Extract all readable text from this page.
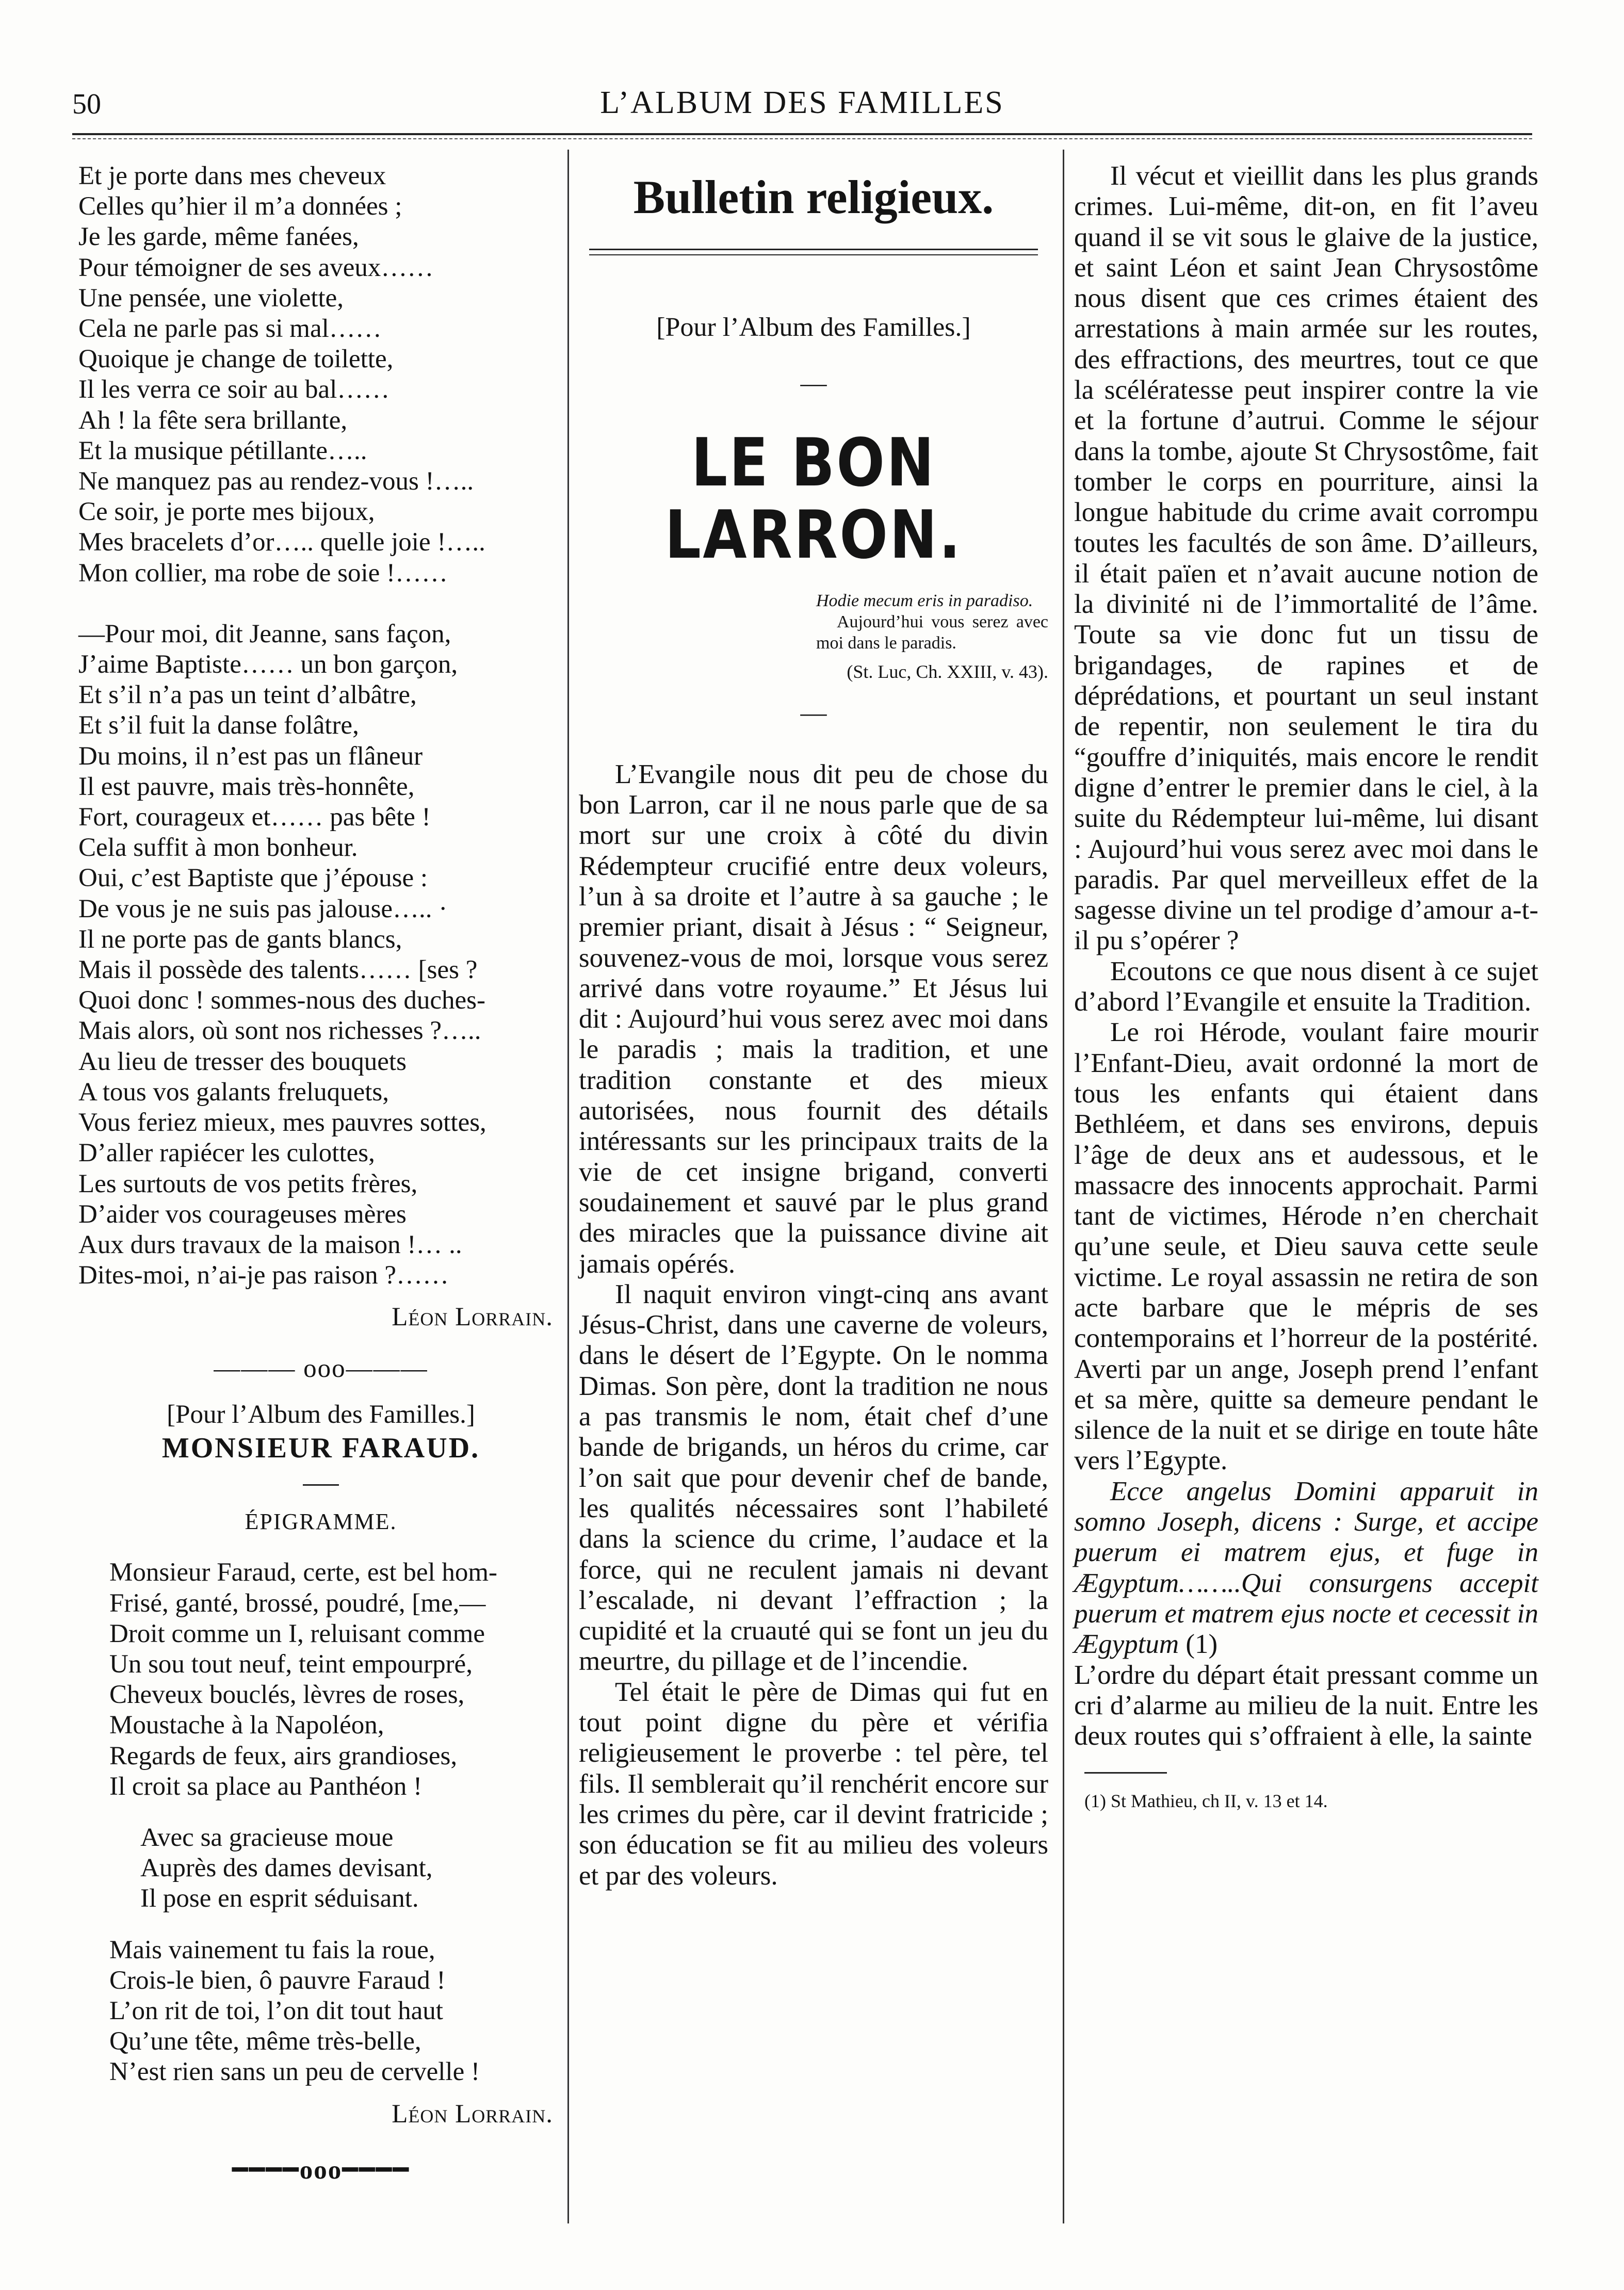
50	L’ALBUM DES FAMILLES
Et je porte dans mes cheveux
Celles qu’hier il m’a données ;
Je les garde, même fanées,
Pour témoigner de ses aveux……
Une pensée, une violette,
Cela ne parle pas si mal……
Quoique je change de toilette,
Il les verra ce soir au bal……
Ah ! la fête sera brillante,
Et la musique pétillante…..
Ne manquez pas au rendez-vous !…..
Ce soir, je porte mes bijoux,
Mes bracelets d’or….. quelle joie !…..
Mon collier, ma robe de soie !……
—Pour moi, dit Jeanne, sans façon,
J’aime Baptiste…… un bon garçon,
Et s’il n’a pas un teint d’albâtre,
Et s’il fuit la danse folâtre,
Du moins, il n’est pas un flâneur
Il est pauvre, mais très-honnête,
Fort, courageux et…… pas bête !
Cela suffit à mon bonheur.
Oui, c’est Baptiste que j’épouse :
De vous je ne suis pas jalouse….. ·
Il ne porte pas de gants blancs,
Mais il possède des talents…… [ses ?
Quoi donc ! sommes-nous des duches-
Mais alors, où sont nos richesses ?…..
Au lieu de tresser des bouquets
A tous vos galants freluquets,
Vous feriez mieux, mes pauvres sottes,
D’aller rapiécer les culottes,
Les surtouts de vos petits frères,
D’aider vos courageuses mères
Aux durs travaux de la maison !… ..
Dites-moi, n’ai-je pas raison ?……
Léon Lorrain.
——— ooo———
[Pour l’Album des Familles.]
MONSIEUR FARAUD.
ÉPIGRAMME.
Monsieur Faraud, certe, est bel hom-
Frisé, ganté, brossé, poudré, [me,—
Droit comme un I, reluisant comme
Un sou tout neuf, teint empourpré,
Cheveux bouclés, lèvres de roses,
Moustache à la Napoléon,
Regards de feux, airs grandioses,
Il croit sa place au Panthéon !
Avec sa gracieuse moue
Auprès des dames devisant,
Il pose en esprit séduisant.
Mais vainement tu fais la roue,
Crois-le bien, ô pauvre Faraud !
L’on rit de toi, l’on dit tout haut
Qu’une tête, même très-belle,
N’est rien sans un peu de cervelle !
Léon Lorrain.
━━━━ooo━━━━
Bulletin religieux.
[Pour l’Album des Familles.]
—
LE BON LARRON.
Hodie mecum eris in paradiso.
Aujourd’hui vous serez avec moi dans le paradis.
(St. Luc, Ch. XXIII, v. 43).
—
L’Evangile nous dit peu de chose du bon Larron, car il ne nous parle que de sa mort sur une croix à côté du divin Rédempteur crucifié entre deux voleurs, l’un à sa droite et l’autre à sa gauche ; le premier priant, disait à Jésus : “ Seigneur, souvenez-vous de moi, lorsque vous serez arrivé dans votre royaume.” Et Jésus lui dit : Aujourd’hui vous serez avec moi dans le paradis ; mais la tradition, et une tradition constante et des mieux autorisées, nous fournit des détails intéressants sur les principaux traits de la vie de cet insigne brigand, converti soudainement et sauvé par le plus grand des miracles que la puissance divine ait jamais opérés.
Il naquit environ vingt-cinq ans avant Jésus-Christ, dans une caverne de voleurs, dans le désert de l’Egypte. On le nomma Dimas. Son père, dont la tradition ne nous a pas transmis le nom, était chef d’une bande de brigands, un héros du crime, car l’on sait que pour devenir chef de bande, les qualités nécessaires sont l’habileté dans la science du crime, l’audace et la force, qui ne reculent jamais ni devant l’escalade, ni devant l’effraction ; la cupidité et la cruauté qui se font un jeu du meurtre, du pillage et de l’incendie.
Tel était le père de Dimas qui fut en tout point digne du père et vérifia religieusement le proverbe : tel père, tel fils. Il semblerait qu’il renchérit encore sur les crimes du père, car il devint fratricide ; son éducation se fit au milieu des voleurs et par des voleurs.
Il vécut et vieillit dans les plus grands crimes. Lui-même, dit-on, en fit l’aveu quand il se vit sous le glaive de la justice, et saint Léon et saint Jean Chrysostôme nous disent que ces crimes étaient des arrestations à main armée sur les routes, des effractions, des meurtres, tout ce que la scélératesse peut inspirer contre la vie et la fortune d’autrui. Comme le séjour dans la tombe, ajoute St Chrysostôme, fait tomber le corps en pourriture, ainsi la longue habitude du crime avait corrompu toutes les facultés de son âme. D’ailleurs, il était païen et n’avait aucune notion de la divinité ni de l’immortalité de l’âme. Toute sa vie donc fut un tissu de brigandages, de rapines et de déprédations, et pourtant un seul instant de repentir, non seulement le tira du “gouffre d’iniquités, mais encore le rendit digne d’entrer le premier dans le ciel, à la suite du Rédempteur lui-même, lui disant : Aujourd’hui vous serez avec moi dans le paradis. Par quel merveilleux effet de la sagesse divine un tel prodige d’amour a-t-il pu s’opérer ?
Ecoutons ce que nous disent à ce sujet d’abord l’Evangile et ensuite la Tradition.
Le roi Hérode, voulant faire mourir l’Enfant-Dieu, avait ordonné la mort de tous les enfants qui étaient dans Bethléem, et dans ses environs, depuis l’âge de deux ans et audessous, et le massacre des innocents approchait. Parmi tant de victimes, Hérode n’en cherchait qu’une seule, et Dieu sauva cette seule victime. Le royal assassin ne retira de son acte barbare que le mépris de ses contemporains et l’horreur de la postérité. Averti par un ange, Joseph prend l’enfant et sa mère, quitte sa demeure pendant le silence de la nuit et se dirige en toute hâte vers l’Egypte.
Ecce angelus Domini apparuit in somno Joseph, dicens : Surge, et accipe puerum ei matrem ejus, et fuge in Ægyptum……..Qui consurgens accepit puerum et matrem ejus nocte et cecessit in Ægyptum (1)
L’ordre du départ était pressant comme un cri d’alarme au milieu de la nuit. Entre les deux routes qui s’offraient à elle, la sainte
(1) St Mathieu, ch II, v. 13 et 14.
